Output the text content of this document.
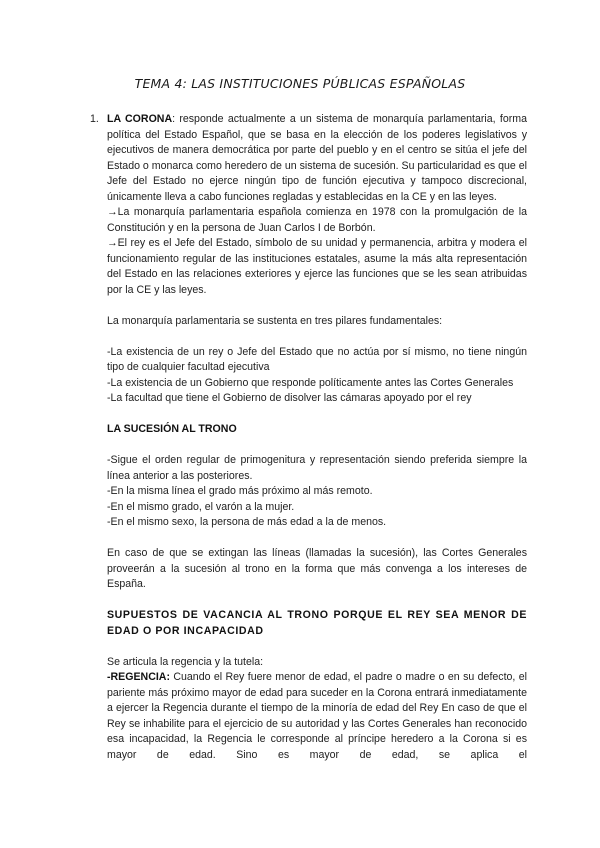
TEMA 4: LAS INSTITUCIONES PÚBLICAS ESPAÑOLAS
1. LA CORONA: responde actualmente a un sistema de monarquía parlamentaria, forma política del Estado Español, que se basa en la elección de los poderes legislativos y ejecutivos de manera democrática por parte del pueblo y en el centro se sitúa el jefe del Estado o monarca como heredero de un sistema de sucesión. Su particularidad es que el Jefe del Estado no ejerce ningún tipo de función ejecutiva y tampoco discrecional, únicamente lleva a cabo funciones regladas y establecidas en la CE y en las leyes.

→La monarquía parlamentaria española comienza en 1978 con la promulgación de la Constitución y en la persona de Juan Carlos I de Borbón.

→El rey es el Jefe del Estado, símbolo de su unidad y permanencia, arbitra y modera el funcionamiento regular de las instituciones estatales, asume la más alta representación del Estado en las relaciones exteriores y ejerce las funciones que se les sean atribuidas por la CE y las leyes.

La monarquía parlamentaria se sustenta en tres pilares fundamentales:

-La existencia de un rey o Jefe del Estado que no actúa por sí mismo, no tiene ningún tipo de cualquier facultad ejecutiva

-La existencia de un Gobierno que responde políticamente antes las Cortes Generales

-La facultad que tiene el Gobierno de disolver las cámaras apoyado por el rey

LA SUCESIÓN AL TRONO

-Sigue el orden regular de primogenitura y representación siendo preferida siempre la línea anterior a las posteriores.

-En la misma línea el grado más próximo al más remoto.

-En el mismo grado, el varón a la mujer.

-En el mismo sexo, la persona de más edad a la de menos.

En caso de que se extingan las líneas (llamadas la sucesión), las Cortes Generales proveerán a la sucesión al trono en la forma que más convenga a los intereses de España.

SUPUESTOS DE VACANCIA AL TRONO PORQUE EL REY SEA MENOR DE EDAD O POR INCAPACIDAD

Se articula la regencia y la tutela:

-REGENCIA: Cuando el Rey fuere menor de edad, el padre o madre o en su defecto, el pariente más próximo mayor de edad para suceder en la Corona entrará inmediatamente a ejercer la Regencia durante el tiempo de la minoría de edad del Rey En caso de que el Rey se inhabilite para el ejercicio de su autoridad y las Cortes Generales han reconocido esa incapacidad, la Regencia le corresponde al príncipe heredero a la Corona si es mayor de edad. Sino es mayor de edad, se aplica el
